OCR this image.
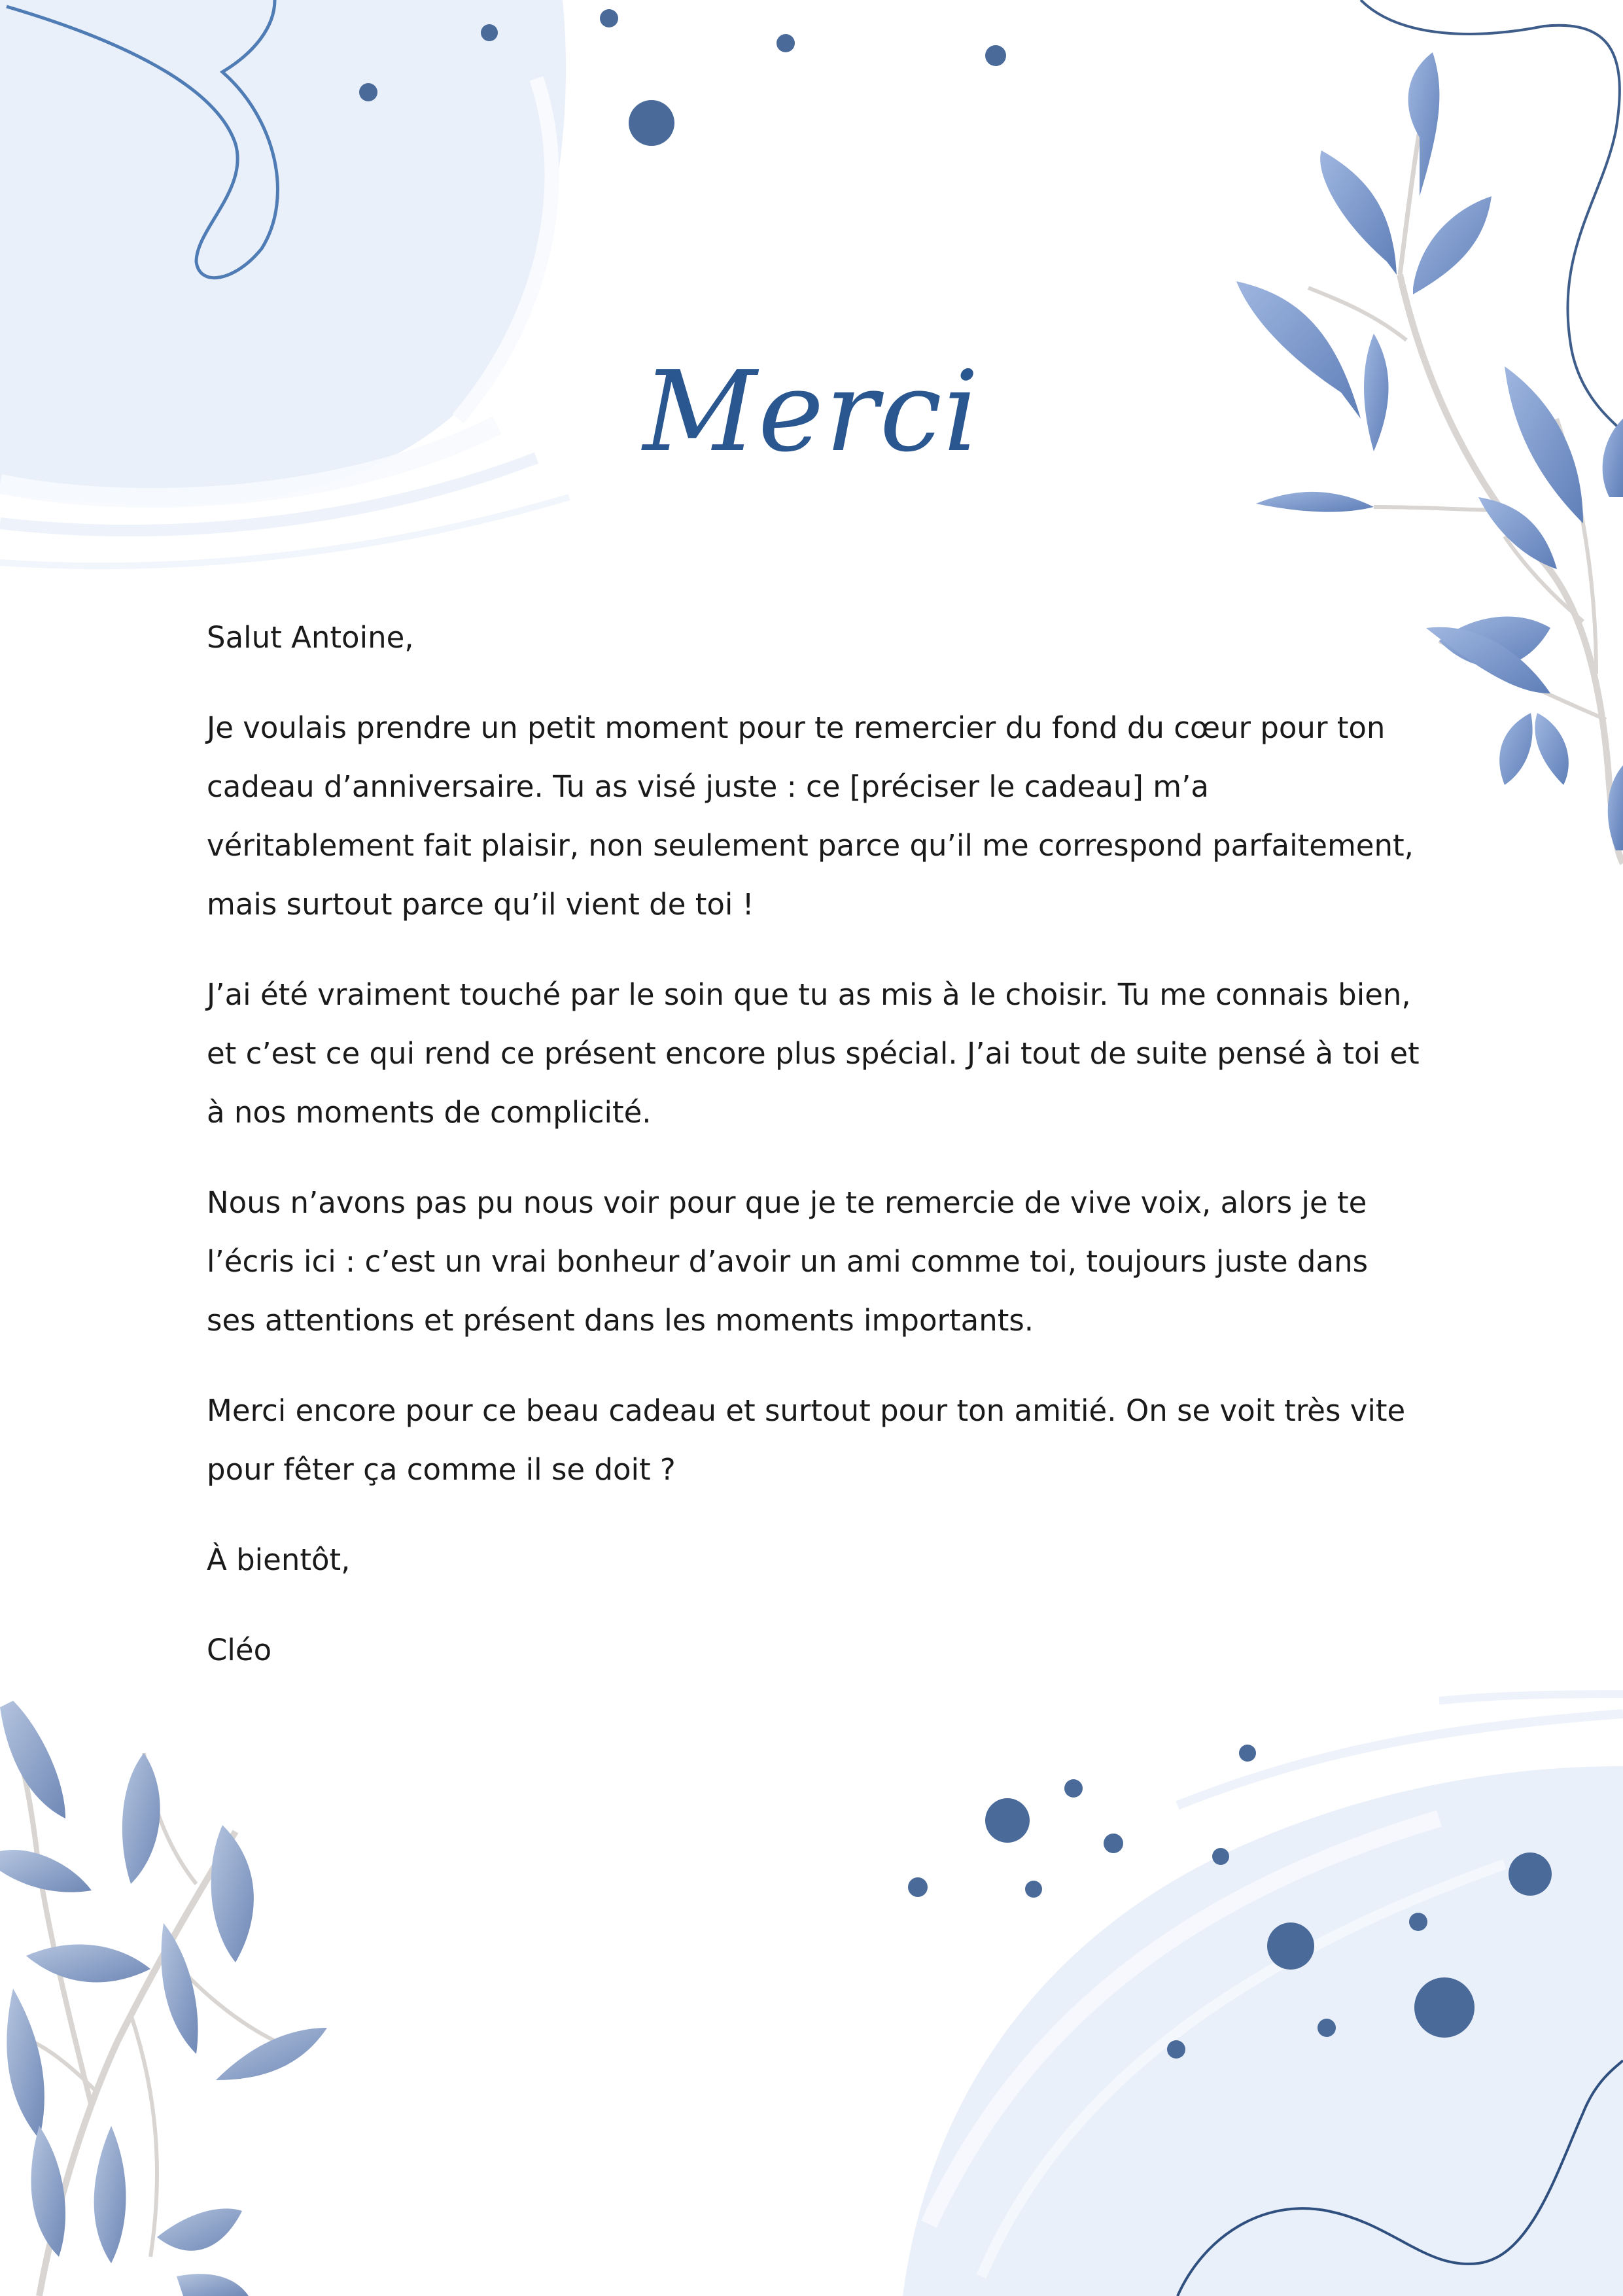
Merci

Salut Antoine,

Je voulais prendre un petit moment pour te remercier du fond du cœur pour ton cadeau d’anniversaire. Tu as visé juste : ce [préciser le cadeau] m’a véritablement fait plaisir, non seulement parce qu’il me correspond parfaitement, mais surtout parce qu’il vient de toi !

J’ai été vraiment touché par le soin que tu as mis à le choisir. Tu me connais bien, et c’est ce qui rend ce présent encore plus spécial. J’ai tout de suite pensé à toi et à nos moments de complicité.

Nous n’avons pas pu nous voir pour que je te remercie de vive voix, alors je te l’écris ici : c’est un vrai bonheur d’avoir un ami comme toi, toujours juste dans ses attentions et présent dans les moments importants.

Merci encore pour ce beau cadeau et surtout pour ton amitié. On se voit très vite pour fêter ça comme il se doit ?

À bientôt,

Cléo
